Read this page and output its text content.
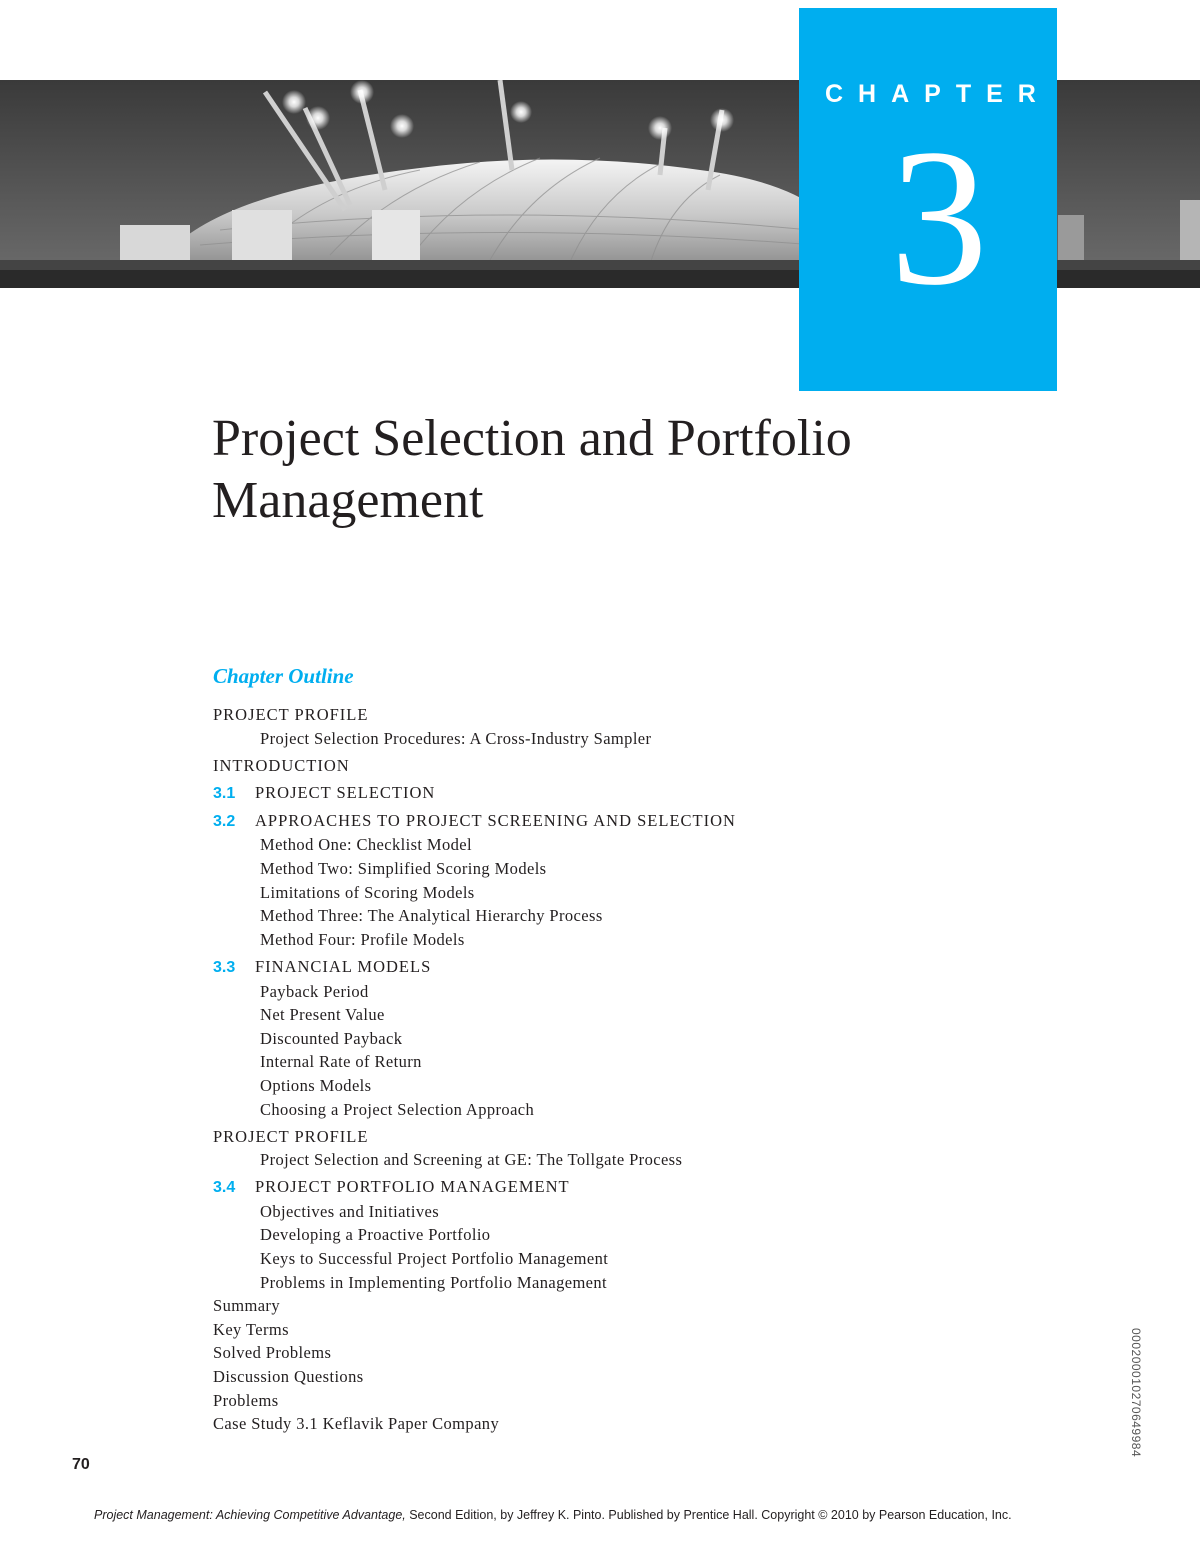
CHAPTER
3
Project Selection and Portfolio
Management
Chapter Outline
PROJECT PROFILE
Project Selection Procedures: A Cross-Industry Sampler
INTRODUCTION
3.1 PROJECT SELECTION
3.2 APPROACHES TO PROJECT SCREENING AND SELECTION
Method One: Checklist Model
Method Two: Simplified Scoring Models
Limitations of Scoring Models
Method Three: The Analytical Hierarchy Process
Method Four: Profile Models
3.3 FINANCIAL MODELS
Payback Period
Net Present Value
Discounted Payback
Internal Rate of Return
Options Models
Choosing a Project Selection Approach
PROJECT PROFILE
Project Selection and Screening at GE: The Tollgate Process
3.4 PROJECT PORTFOLIO MANAGEMENT
Objectives and Initiatives
Developing a Proactive Portfolio
Keys to Successful Project Portfolio Management
Problems in Implementing Portfolio Management
Summary
Key Terms
Solved Problems
Discussion Questions
Problems
Case Study 3.1 Keflavik Paper Company
70
000200010270649984
Project Management: Achieving Competitive Advantage, Second Edition, by Jeffrey K. Pinto. Published by Prentice Hall. Copyright © 2010 by Pearson Education, Inc.
